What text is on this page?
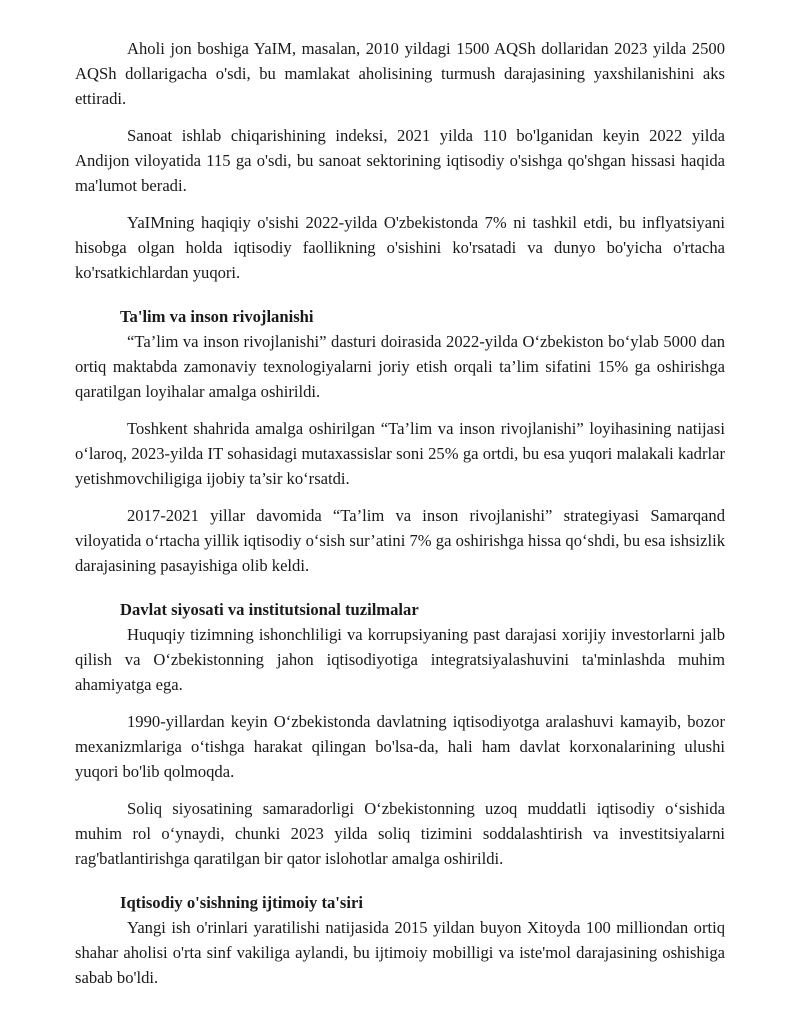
Aholi jon boshiga YaIM, masalan, 2010 yildagi 1500 AQSh dollaridan 2023 yilda 2500 AQSh dollarigacha o'sdi, bu mamlakat aholisining turmush darajasining yaxshilanishini aks ettiradi.

Sanoat ishlab chiqarishining indeksi, 2021 yilda 110 bo'lganidan keyin 2022 yilda Andijon viloyatida 115 ga o'sdi, bu sanoat sektorining iqtisodiy o'sishga qo'shgan hissasi haqida ma'lumot beradi.

YaIMning haqiqiy o'sishi 2022-yilda O'zbekistonda 7% ni tashkil etdi, bu inflyatsiyani hisobga olgan holda iqtisodiy faollikning o'sishini ko'rsatadi va dunyo bo'yicha o'rtacha ko'rsatkichlardan yuqori.

Ta'lim va inson rivojlanishi

“Ta’lim va inson rivojlanishi” dasturi doirasida 2022-yilda O‘zbekiston bo‘ylab 5000 dan ortiq maktabda zamonaviy texnologiyalarni joriy etish orqali ta’lim sifatini 15% ga oshirishga qaratilgan loyihalar amalga oshirildi.

Toshkent shahrida amalga oshirilgan “Ta’lim va inson rivojlanishi” loyihasining natijasi o‘laroq, 2023-yilda IT sohasidagi mutaxassislar soni 25% ga ortdi, bu esa yuqori malakali kadrlar yetishmovchiligiga ijobiy ta’sir ko‘rsatdi.

2017-2021 yillar davomida “Ta’lim va inson rivojlanishi” strategiyasi Samarqand viloyatida o‘rtacha yillik iqtisodiy o‘sish sur’atini 7% ga oshirishga hissa qo‘shdi, bu esa ishsizlik darajasining pasayishiga olib keldi.

Davlat siyosati va institutsional tuzilmalar

Huquqiy tizimning ishonchliligi va korrupsiyaning past darajasi xorijiy investorlarni jalb qilish va O‘zbekistonning jahon iqtisodiyotiga integratsiyalashuvini ta'minlashda muhim ahamiyatga ega.

1990-yillardan keyin O‘zbekistonda davlatning iqtisodiyotga aralashuvi kamayib, bozor mexanizmlariga o‘tishga harakat qilingan bo'lsa-da, hali ham davlat korxonalarining ulushi yuqori bo'lib qolmoqda.

Soliq siyosatining samaradorligi O‘zbekistonning uzoq muddatli iqtisodiy o‘sishida muhim rol o‘ynaydi, chunki 2023 yilda soliq tizimini soddalashtirish va investitsiyalarni rag'batlantirishga qaratilgan bir qator islohotlar amalga oshirildi.

Iqtisodiy o'sishning ijtimoiy ta'siri

Yangi ish o'rinlari yaratilishi natijasida 2015 yildan buyon Xitoyda 100 milliondan ortiq shahar aholisi o'rta sinf vakiliga aylandi, bu ijtimoiy mobilligi va iste'mol darajasining oshishiga sabab bo'ldi.
